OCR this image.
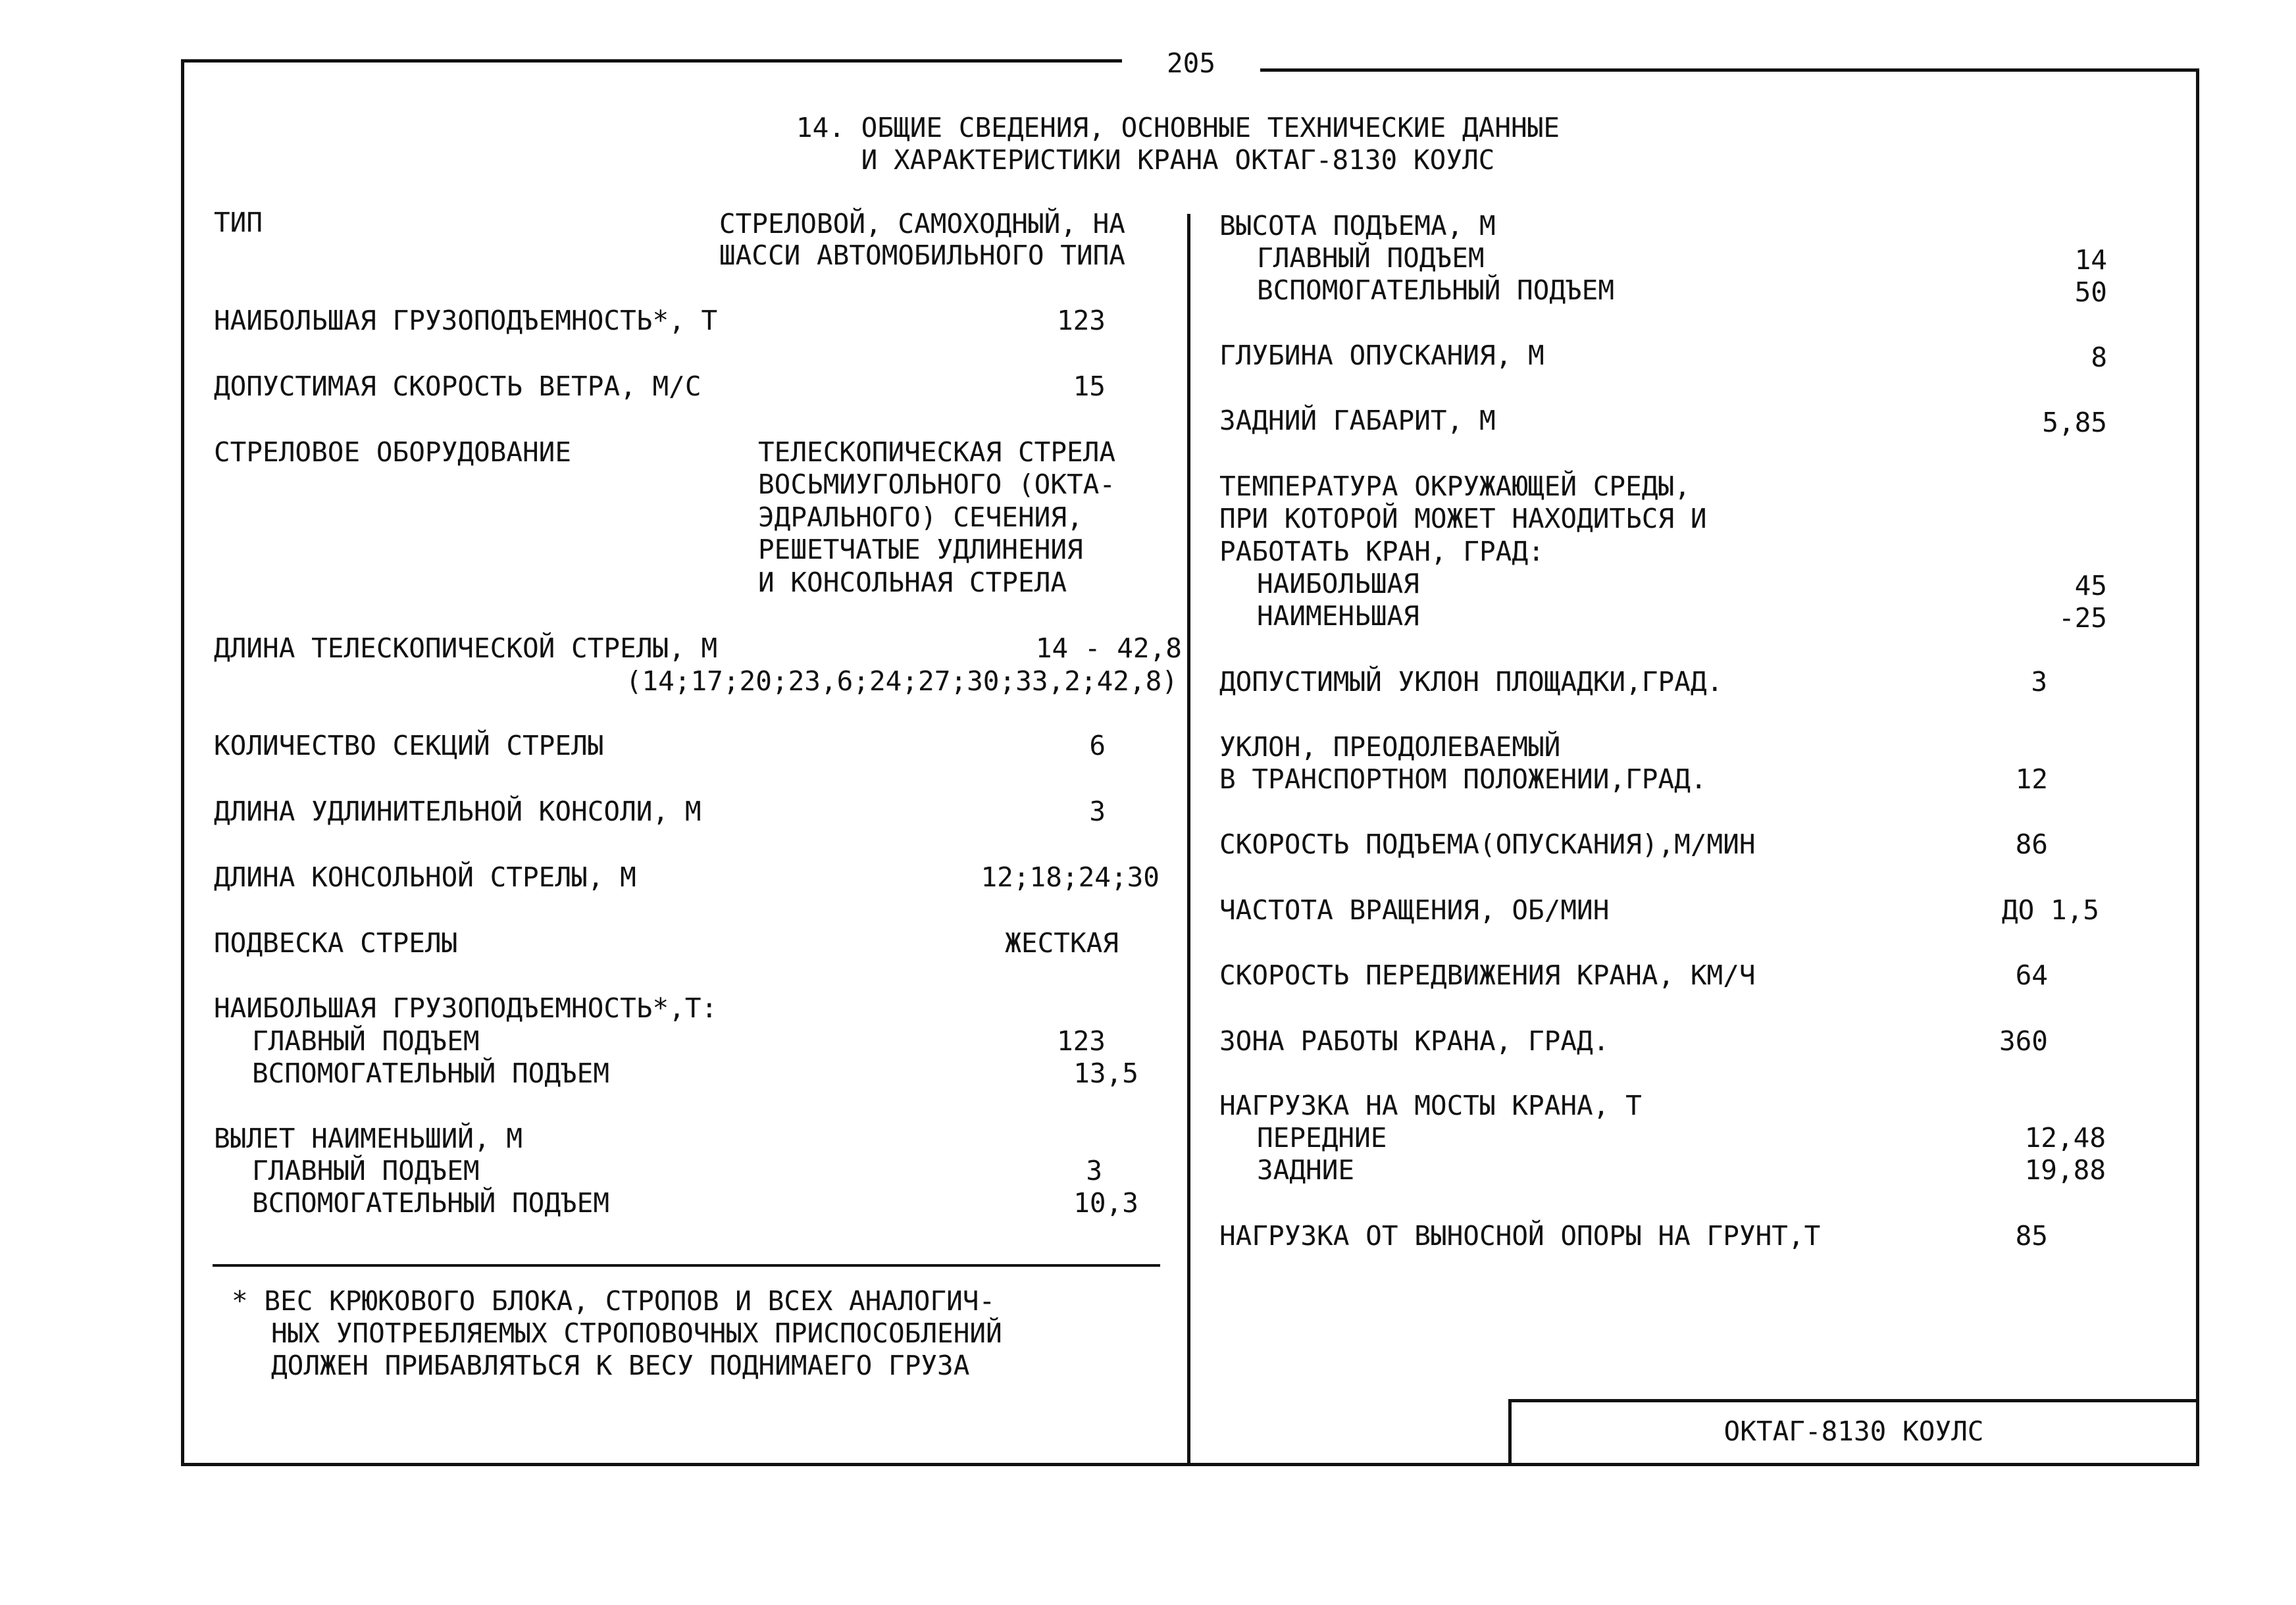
205
14. ОБЩИЕ СВЕДЕНИЯ, ОСНОВНЫЕ ТЕХНИЧЕСКИЕ ДАННЫЕ
И ХАРАКТЕРИСТИКИ КРАНА ОКТАГ-8130 КОУЛС
ТИП	СТРЕЛОВОЙ, САМОХОДНЫЙ, НА
ШАССИ АВТОМОБИЛЬНОГО ТИПА
НАИБОЛЬШАЯ ГРУЗОПОДЪЕМНОСТЬ*, Т	123
ДОПУСТИМАЯ СКОРОСТЬ ВЕТРА, М/С	15
СТРЕЛОВОЕ ОБОРУДОВАНИЕ	ТЕЛЕСКОПИЧЕСКАЯ СТРЕЛА
ВОСЬМИУГОЛЬНОГО (ОКТА-
ЭДРАЛЬНОГО) СЕЧЕНИЯ,
РЕШЕТЧАТЫЕ УДЛИНЕНИЯ
И КОНСОЛЬНАЯ СТРЕЛА
ДЛИНА ТЕЛЕСКОПИЧЕСКОЙ СТРЕЛЫ, М	14 - 42,8
(14;17;20;23,6;24;27;30;33,2;42,8)
КОЛИЧЕСТВО СЕКЦИЙ СТРЕЛЫ	6
ДЛИНА УДЛИНИТЕЛЬНОЙ КОНСОЛИ, М	3
ДЛИНА КОНСОЛЬНОЙ СТРЕЛЫ, М	12;18;24;30
ПОДВЕСКА СТРЕЛЫ	ЖЕСТКАЯ
НАИБОЛЬШАЯ ГРУЗОПОДЪЕМНОСТЬ*,Т:
ГЛАВНЫЙ ПОДЪЕМ	123
ВСПОМОГАТЕЛЬНЫЙ ПОДЪЕМ	13,5
ВЫЛЕТ НАИМЕНЬШИЙ, М
ГЛАВНЫЙ ПОДЪЕМ	3
ВСПОМОГАТЕЛЬНЫЙ ПОДЪЕМ	10,3
* ВЕС КРЮКОВОГО БЛОКА, СТРОПОВ И ВСЕХ АНАЛОГИЧ-
НЫХ УПОТРЕБЛЯЕМЫХ СТРОПОВОЧНЫХ ПРИСПОСОБЛЕНИЙ
ДОЛЖЕН ПРИБАВЛЯТЬСЯ К ВЕСУ ПОДНИМАЕГО ГРУЗА
ВЫСОТА ПОДЪЕМА, М
ГЛАВНЫЙ ПОДЪЕМ	14
ВСПОМОГАТЕЛЬНЫЙ ПОДЪЕМ	50
ГЛУБИНА ОПУСКАНИЯ, М	8
ЗАДНИЙ ГАБАРИТ, М	5,85
ТЕМПЕРАТУРА ОКРУЖАЮЩЕЙ СРЕДЫ,
ПРИ КОТОРОЙ МОЖЕТ НАХОДИТЬСЯ И
РАБОТАТЬ КРАН, ГРАД:
НАИБОЛЬШАЯ	45
НАИМЕНЬШАЯ	-25
ДОПУСТИМЫЙ УКЛОН ПЛОЩАДКИ,ГРАД.	3
УКЛОН, ПРЕОДОЛЕВАЕМЫЙ
В ТРАНСПОРТНОМ ПОЛОЖЕНИИ,ГРАД.	12
СКОРОСТЬ ПОДЪЕМА(ОПУСКАНИЯ),М/МИН	86
ЧАСТОТА ВРАЩЕНИЯ, ОБ/МИН	ДО 1,5
СКОРОСТЬ ПЕРЕДВИЖЕНИЯ КРАНА, КМ/Ч	64
ЗОНА РАБОТЫ КРАНА, ГРАД.	360
НАГРУЗКА НА МОСТЫ КРАНА, Т
ПЕРЕДНИЕ	12,48
ЗАДНИЕ	19,88
НАГРУЗКА ОТ ВЫНОСНОЙ ОПОРЫ НА ГРУНТ,Т	85
ОКТАГ-8130 КОУЛС
